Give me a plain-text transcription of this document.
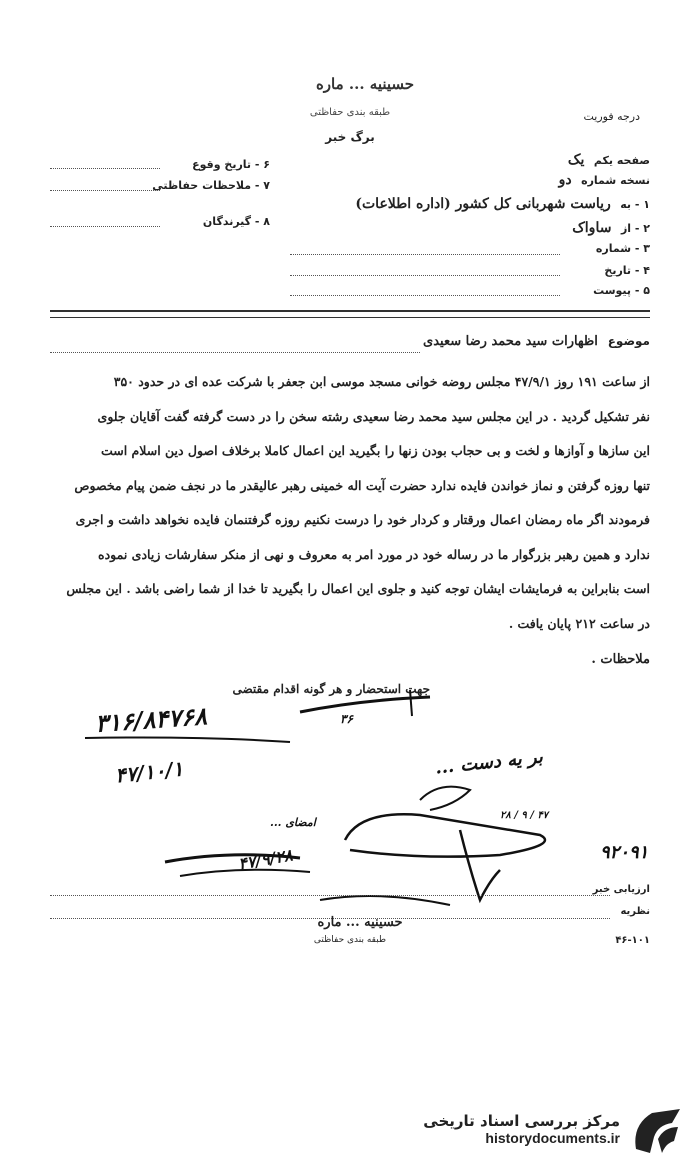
حسینیه ... ماره
طبقه بندی حفاظتی
برگ خبر
درجه فوریت
۶ - تاریخ وقوع
۷ - ملاحظات حفاظتی
۸ - گیرندگان
صفحه یکم یک
نسخه شماره دو
۱ - به ریاست شهربانی کل کشور (اداره اطلاعات)
۲ - از ساواک
۳ - شماره
۴ - تاریخ
۵ - پیوست
موضوع اظهارات سید محمد رضا سعیدی
از ساعت ۱۹۱ روز ۴۷/۹/۱ مجلس روضه خوانی مسجد موسی ابن جعفر با شرکت عده ای در حدود ۳۵۰
نفر تشکیل گردید . در این مجلس سید محمد رضا سعیدی رشته سخن را در دست گرفته گفت آقایان جلوی
این سازها و آوازها و لخت و بی حجاب بودن زنها را بگیرید این اعمال کاملا برخلاف اصول دین اسلام است
تنها روزه گرفتن و نماز خواندن فایده ندارد حضرت آیت اله خمینی رهبر عالیقدر ما در نجف ضمن پیام مخصوص
فرمودند اگر ماه رمضان اعمال ورقتار و کردار خود را درست نکنیم روزه گرفتنمان فایده نخواهد داشت و اجری
ندارد و همین رهبر بزرگوار ما در رساله خود در مورد امر به معروف و نهی از منکر سفارشات زیادی نموده
است بنابراین به فرمایشات ایشان توجه کنید و جلوی این اعمال را بگیرید تا خدا از شما راضی باشد . این مجلس
در ساعت ۲۱۲ پایان یافت .
ملاحظات .
جهت استحضار و هر گونه اقدام مقتضی
۳۱۶/۸۴۷۶۸
۴۷/۱۰/۱
۳۶
بر یه دست ...
۹۲۰۹۱
۴۷/۹/۲۸
امضای ...
۲۸ / ۹ / ۴۷
ارزیابی خبر
نظریه
۴۶-۱۰۱
حسینیه ... ماره
طبقه بندی حفاظتی
مرکز بررسی اسناد تاریخی
historydocuments.ir
